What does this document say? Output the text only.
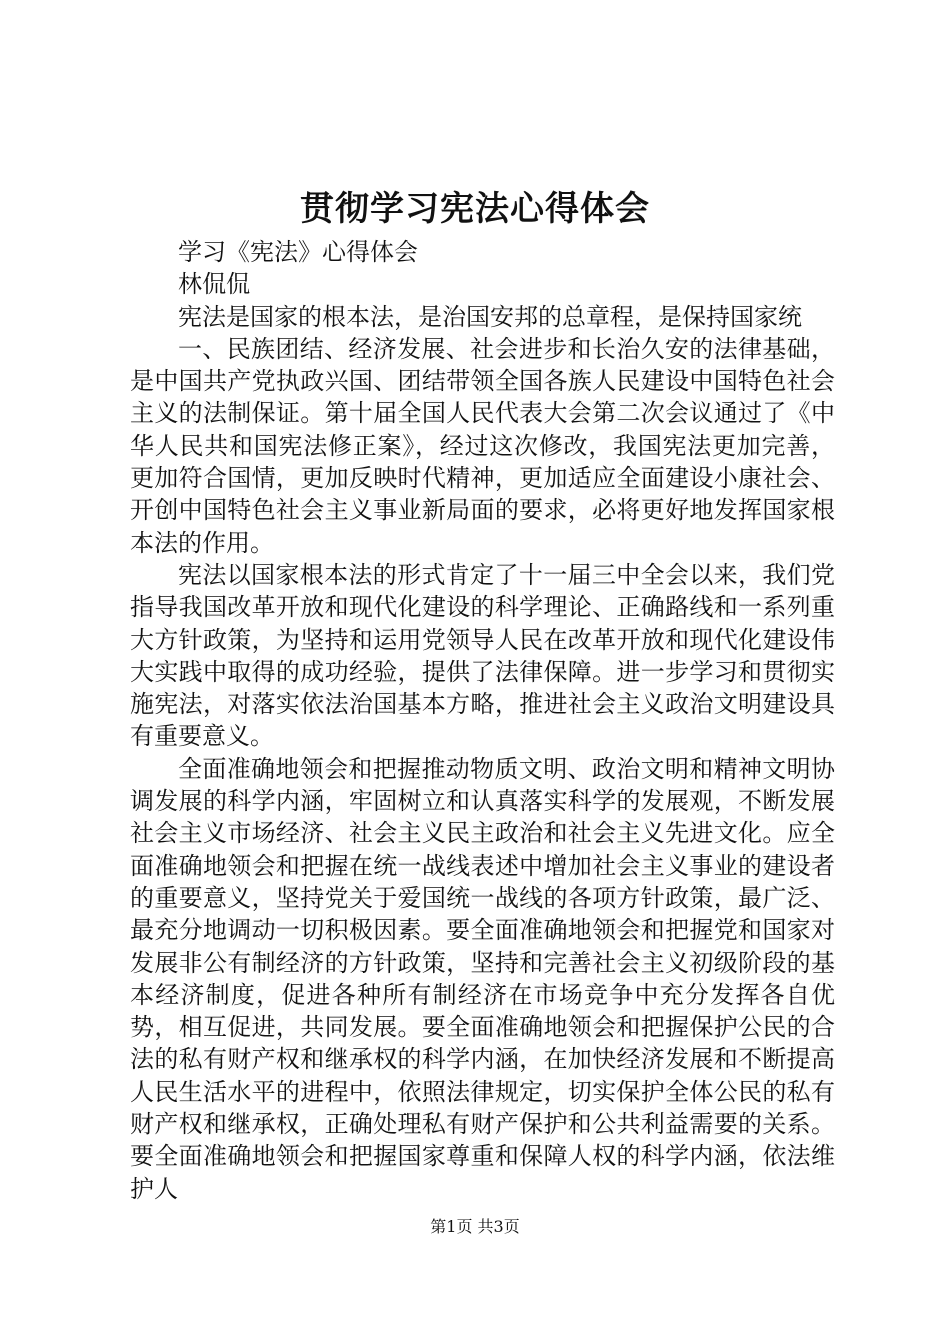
贯彻学习宪法心得体会

学习《宪法》心得体会

林侃侃

宪法是国家的根本法，是治国安邦的总章程，是保持国家统

一、民族团结、经济发展、社会进步和长治久安的法律基础，是中国共产党执政兴国、团结带领全国各族人民建设中国特色社会主义的法制保证。第十届全国人民代表大会第二次会议通过了《中华人民共和国宪法修正案》，经过这次修改，我国宪法更加完善，更加符合国情，更加反映时代精神，更加适应全面建设小康社会、开创中国特色社会主义事业新局面的要求，必将更好地发挥国家根本法的作用。

宪法以国家根本法的形式肯定了十一届三中全会以来，我们党指导我国改革开放和现代化建设的科学理论、正确路线和一系列重大方针政策，为坚持和运用党领导人民在改革开放和现代化建设伟大实践中取得的成功经验，提供了法律保障。进一步学习和贯彻实施宪法，对落实依法治国基本方略，推进社会主义政治文明建设具有重要意义。

全面准确地领会和把握推动物质文明、政治文明和精神文明协调发展的科学内涵，牢固树立和认真落实科学的发展观，不断发展社会主义市场经济、社会主义民主政治和社会主义先进文化。应全面准确地领会和把握在统一战线表述中增加社会主义事业的建设者的重要意义，坚持党关于爱国统一战线的各项方针政策，最广泛、最充分地调动一切积极因素。要全面准确地领会和把握党和国家对发展非公有制经济的方针政策，坚持和完善社会主义初级阶段的基本经济制度，促进各种所有制经济在市场竞争中充分发挥各自优势，相互促进，共同发展。要全面准确地领会和把握保护公民的合法的私有财产权和继承权的科学内涵，在加快经济发展和不断提高人民生活水平的进程中，依照法律规定，切实保护全体公民的私有财产权和继承权，正确处理私有财产保护和公共利益需要的关系。要全面准确地领会和把握国家尊重和保障人权的科学内涵，依法维护人

第1页 共3页
